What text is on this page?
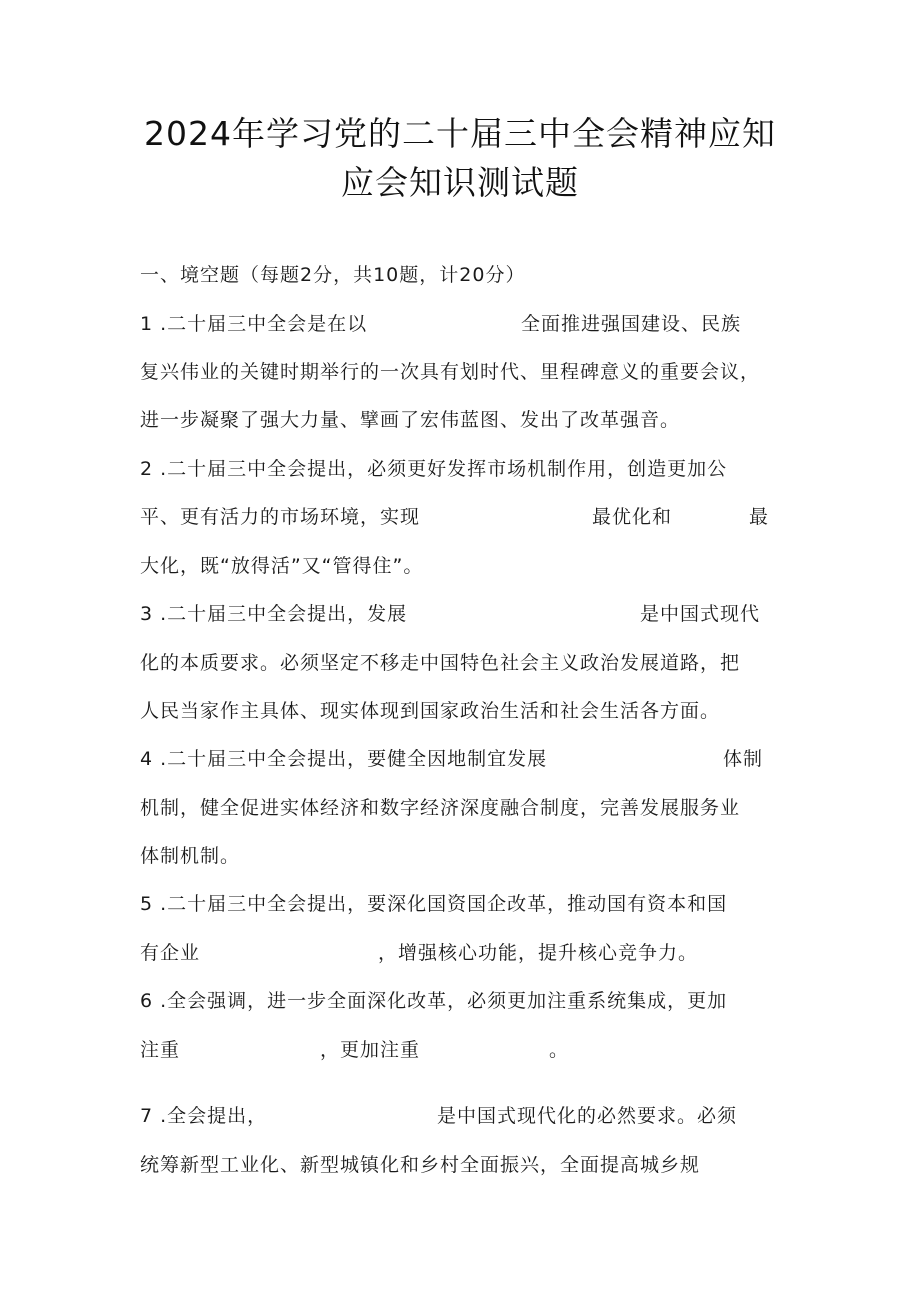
2024年学习党的二十届三中全会精神应知
应会知识测试题
一、境空题（每题2分，共10题，计20分）
1 .二十届三中全会是在以	全面推进强国建设、民族
复兴伟业的关键时期举行的一次具有划时代、里程碑意义的重要会议，
进一步凝聚了强大力量、擘画了宏伟蓝图、发出了改革强音。
2 .二十届三中全会提出，必须更好发挥市场机制作用，创造更加公
平、更有活力的市场环境，实现	最优化和	最
大化，既“放得活”又“管得住”。
3 .二十届三中全会提出，发展	是中国式现代
化的本质要求。必须坚定不移走中国特色社会主义政治发展道路，把
人民当家作主具体、现实体现到国家政治生活和社会生活各方面。
4 .二十届三中全会提出，要健全因地制宜发展	体制
机制，健全促进实体经济和数字经济深度融合制度，完善发展服务业
体制机制。
5 .二十届三中全会提出，要深化国资国企改革，推动国有资本和国
有企业	，增强核心功能，提升核心竞争力。
6 .全会强调，进一步全面深化改革，必须更加注重系统集成，更加
注重	，更加注重	。
7 .全会提出，	是中国式现代化的必然要求。必须
统筹新型工业化、新型城镇化和乡村全面振兴，全面提高城乡规
